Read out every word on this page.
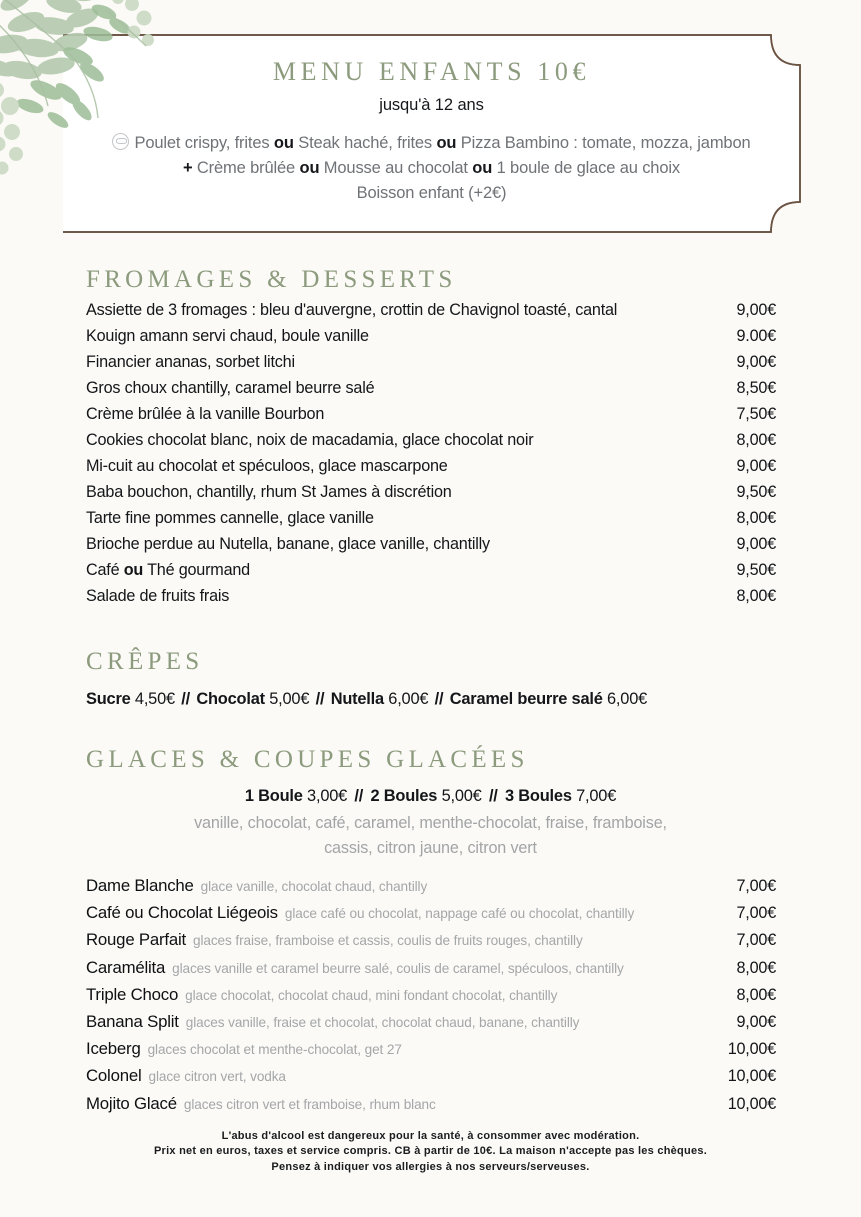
MENU ENFANTS 10€
jusqu'à 12 ans
Poulet crispy, frites ou Steak haché, frites ou Pizza Bambino : tomate, mozza, jambon
+ Crème brûlée ou Mousse au chocolat ou 1 boule de glace au choix
Boisson enfant (+2€)
FROMAGES & DESSERTS
Assiette de 3 fromages : bleu d'auvergne, crottin de Chavignol toasté, cantal	9,00€
Kouign amann servi chaud, boule vanille	9.00€
Financier ananas, sorbet litchi	9,00€
Gros choux chantilly, caramel beurre salé	8,50€
Crème brûlée à la vanille Bourbon	7,50€
Cookies chocolat blanc, noix de macadamia, glace chocolat noir	8,00€
Mi-cuit au chocolat et spéculoos, glace mascarpone	9,00€
Baba bouchon, chantilly, rhum St James à discrétion	9,50€
Tarte fine pommes cannelle, glace vanille	8,00€
Brioche perdue au Nutella, banane, glace vanille, chantilly	9,00€
Café ou Thé gourmand	9,50€
Salade de fruits frais	8,00€
CRÊPES
Sucre 4,50€ // Chocolat 5,00€ // Nutella 6,00€ // Caramel beurre salé 6,00€
GLACES & COUPES GLACÉES
1 Boule 3,00€ // 2 Boules 5,00€ // 3 Boules 7,00€
vanille, chocolat, café, caramel, menthe-chocolat, fraise, framboise,
cassis, citron jaune, citron vert
Dame Blanche glace vanille, chocolat chaud, chantilly	7,00€
Café ou Chocolat Liégeois glace café ou chocolat, nappage café ou chocolat, chantilly	7,00€
Rouge Parfait glaces fraise, framboise et cassis, coulis de fruits rouges, chantilly	7,00€
Caramélita glaces vanille et caramel beurre salé, coulis de caramel, spéculoos, chantilly	8,00€
Triple Choco glace chocolat, chocolat chaud, mini fondant chocolat, chantilly	8,00€
Banana Split glaces vanille, fraise et chocolat, chocolat chaud, banane, chantilly	9,00€
Iceberg glaces chocolat et menthe-chocolat, get 27	10,00€
Colonel glace citron vert, vodka	10,00€
Mojito Glacé glaces citron vert et framboise, rhum blanc	10,00€
L'abus d'alcool est dangereux pour la santé, à consommer avec modération.
Prix net en euros, taxes et service compris. CB à partir de 10€. La maison n'accepte pas les chèques.
Pensez à indiquer vos allergies à nos serveurs/serveuses.
